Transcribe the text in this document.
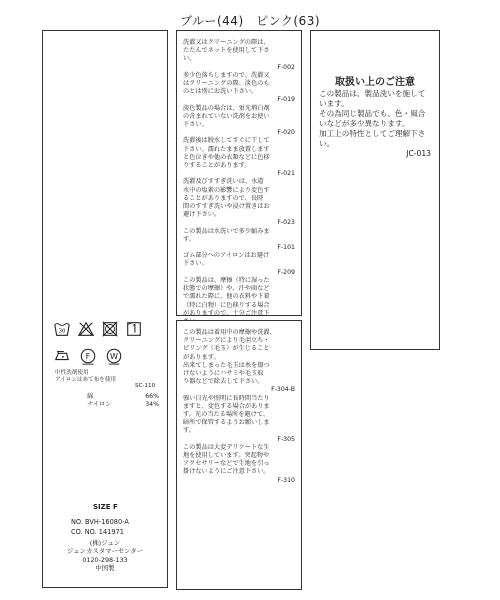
ブルー(44)　ピンク(63)
30
F W
中性洗剤使用
アイロンはあて布を使用
SC-110
綿	66%
ナイロン	34%
SIZE F
NO. BVH-16080-A
CO. NO. 141971
(株)ジュン
ジュンカスタマーセンター
0120-298-133
中国製
洗濯又はクリーニングの際は、
たたんでネットを使用して下さ
い。
F-002
多少色落ちしますので、洗濯又
はクリーニングの際、淡色のも
のとは別にお洗い下さい。
F-019
淡色製品の場合は、蛍光増白剤
の含まれていない洗剤をお使い
下さい。
F-020
洗濯後は脱水してすぐに干して
下さい。濡れたまま放置します
と色泣きや他の衣類などに色移
りすることがあります。
F-021
洗濯及びすすぎ洗いは、水道
水中の塩素の影響により変色す
ることがありますので、長時
間のすすぎ洗いや浸け置きはお
避け下さい。
F-023
この製品は水洗いで多少縮みま
す。
F-101
ゴム部分へのアイロンはお避け
下さい。
F-209
この製品は、摩擦（特に湿った
状態での摩擦）や、汗や雨など
で濡れた際に、他の衣料や下着
（特に白物）に色移りする場合
がありますので、十分ご注意下
この製品は着用中の摩擦や洗濯、
クリーニングにより毛羽立ち・
ピリング（毛玉）が生じること
があります。
出来てしまった毛玉は糸を傷つ
けないようにハサミや毛玉取
り器などで除去して下さい。
F-304-B
強い日光や照明に長時間当たり
ますと、変色する場合がありま
す。光の当たる場所を避けて、
暗所で保管するようお願いしま
す。
F-305
この製品は大変デリケートな生
地を使用しています。突起物や
アクセサリーなどで生地を引っ
掛けないようにご注意下さい。
F-310
取扱い上のご注意
この製品は、製品洗いを施して
います。
その為同じ製品でも、色・風合
いなどが多少異なります。
加工上の特性としてご理解下さ
い。
JC-013
